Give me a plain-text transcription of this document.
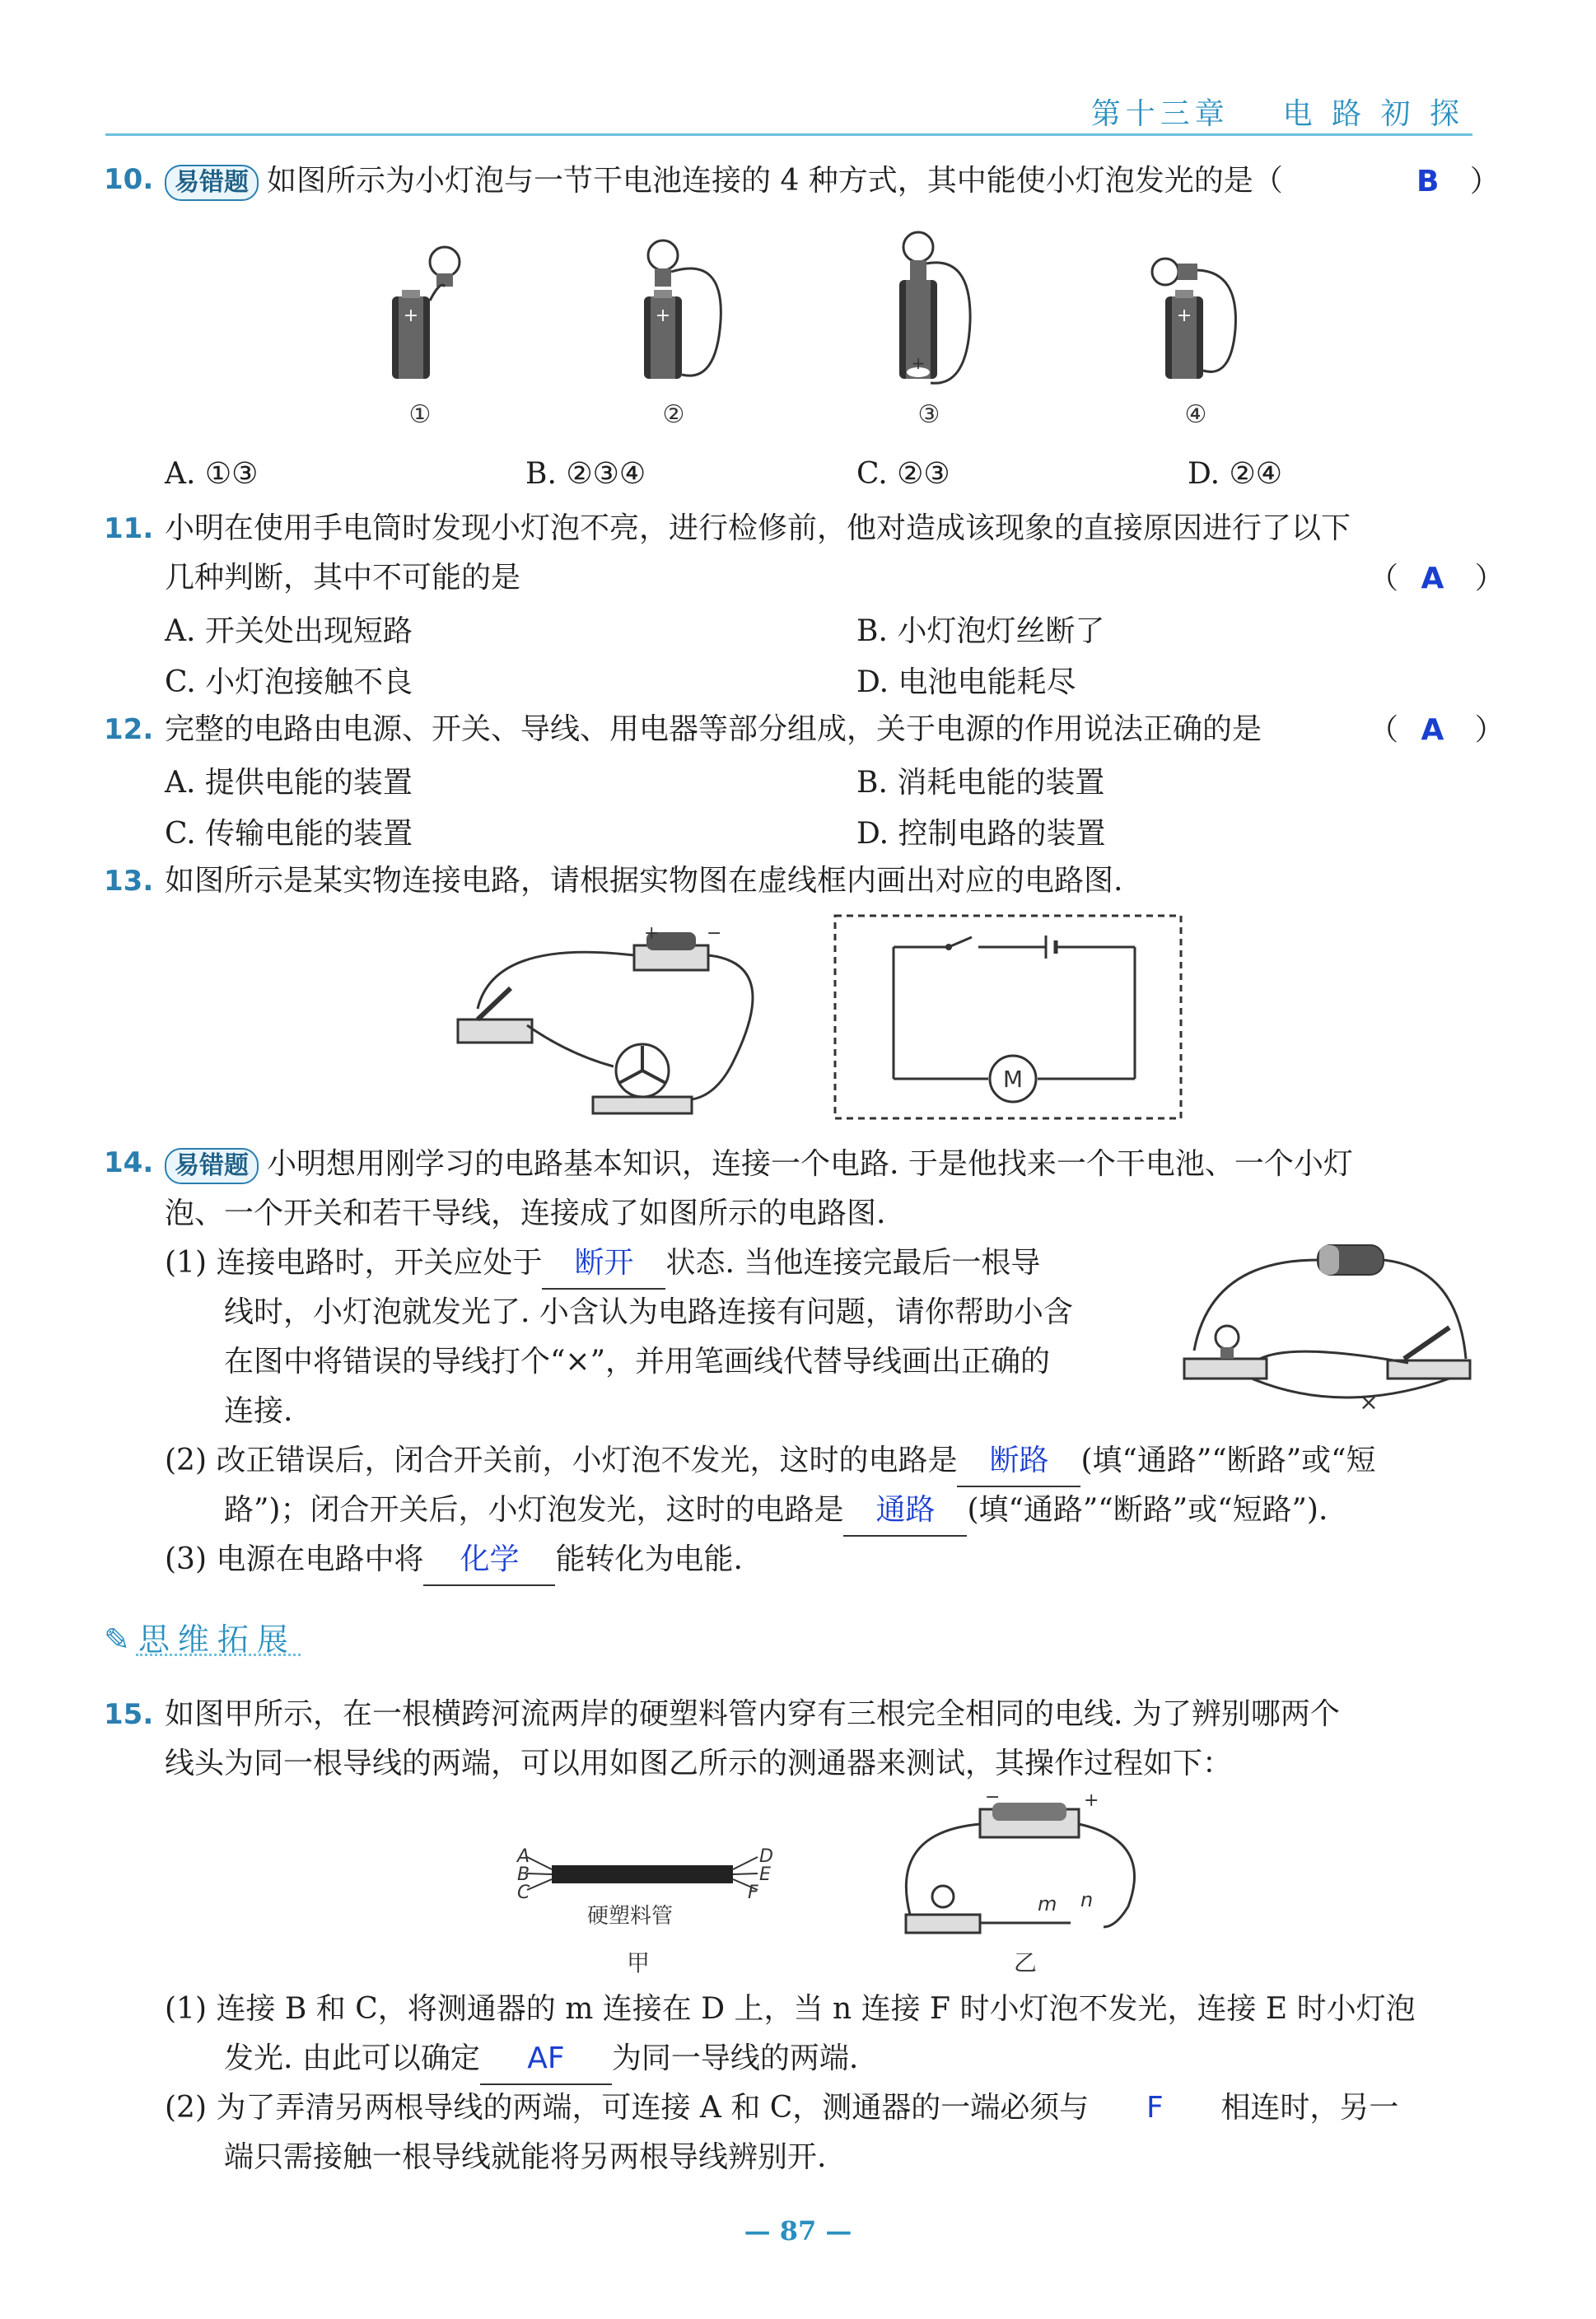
第十三章 电 路 初 探
10. 易错题 如图所示为小灯泡与一节干电池连接的 4 种方式，其中能使小灯泡发光的是（	B ）
+	+
+
+
①	②	③	④
A. ①③	B. ②③④	C. ②③	D. ②④
11. 小明在使用手电筒时发现小灯泡不亮，进行检修前，他对造成该现象的直接原因进行了以下
几种判断，其中不可能的是	（ A ）
A. 开关处出现短路	B. 小灯泡灯丝断了
C. 小灯泡接触不良	D. 电池电能耗尽
12. 完整的电路由电源、开关、导线、用电器等部分组成，关于电源的作用说法正确的是	（ A ）
A. 提供电能的装置	B. 消耗电能的装置
C. 传输电能的装置	D. 控制电路的装置
13. 如图所示是某实物连接电路，请根据实物图在虚线框内画出对应的电路图.
+	−
M
14. 易错题 小明想用刚学习的电路基本知识，连接一个电路. 于是他找来一个干电池、一个小灯
泡、一个开关和若干导线，连接成了如图所示的电路图.
(1) 连接电路时，开关应处于 断开 状态. 当他连接完最后一根导
线时，小灯泡就发光了. 小含认为电路连接有问题，请你帮助小含
在图中将错误的导线打个“×”，并用笔画线代替导线画出正确的
连接.	×
(2) 改正错误后，闭合开关前，小灯泡不发光，这时的电路是 断路 (填“通路”“断路”或“短
路”)；闭合开关后，小灯泡发光，这时的电路是 通路 (填“通路”“断路”或“短路”).
(3) 电源在电路中将 化学 能转化为电能.
✎思维拓展
15. 如图甲所示，在一根横跨河流两岸的硬塑料管内穿有三根完全相同的电线. 为了辨别哪两个
线头为同一根导线的两端，可以用如图乙所示的测通器来测试，其操作过程如下：
A
B
C
D
E
F
硬塑料管
甲
−	+
m n
乙
(1) 连接 B 和 C，将测通器的 m 连接在 D 上，当 n 连接 F 时小灯泡不发光，连接 E 时小灯泡
发光. 由此可以确定 AF 为同一导线的两端.
(2) 为了弄清另两根导线的两端，可连接 A 和 C，测通器的一端必须与 F 相连时，另一
端只需接触一根导线就能将另两根导线辨别开.
— 87 —
